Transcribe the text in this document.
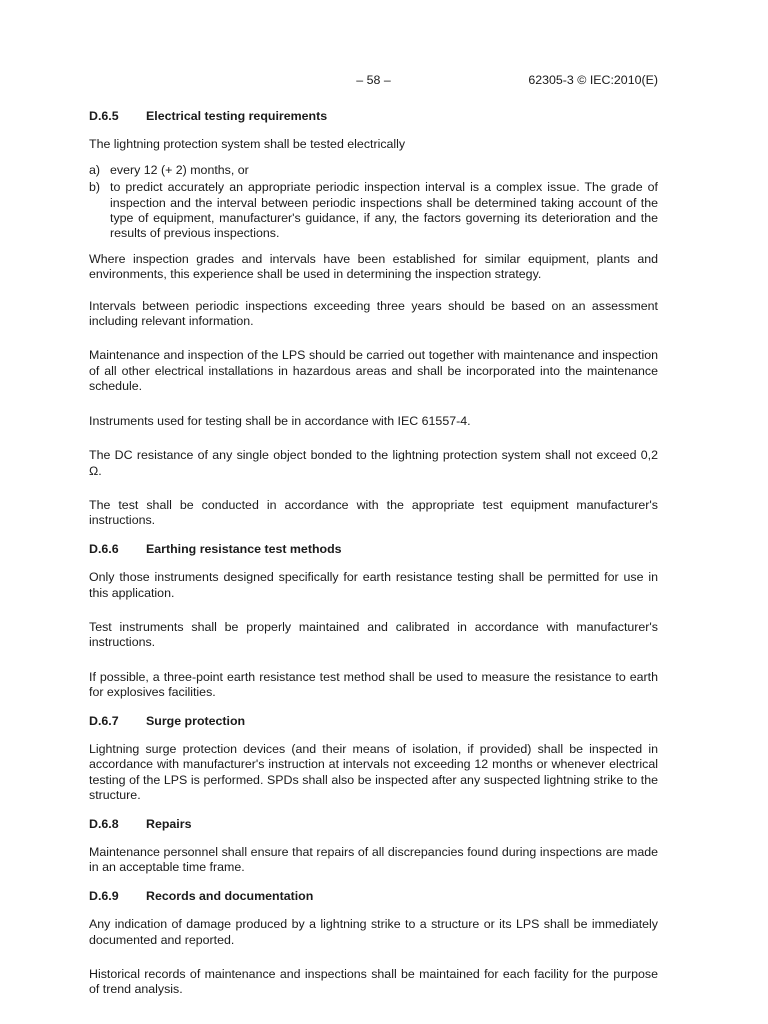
– 58 –	62305-3 © IEC:2010(E)
D.6.5	Electrical testing requirements

The lightning protection system shall be tested electrically

a) every 12 (+ 2) months, or
b) to predict accurately an appropriate periodic inspection interval is a complex issue. The grade of inspection and the interval between periodic inspections shall be determined taking account of the type of equipment, manufacturer's guidance, if any, the factors governing its deterioration and the results of previous inspections.

Where inspection grades and intervals have been established for similar equipment, plants and environments, this experience shall be used in determining the inspection strategy.

Intervals between periodic inspections exceeding three years should be based on an assessment including relevant information.

Maintenance and inspection of the LPS should be carried out together with maintenance and inspection of all other electrical installations in hazardous areas and shall be incorporated into the maintenance schedule.

Instruments used for testing shall be in accordance with IEC 61557-4.

The DC resistance of any single object bonded to the lightning protection system shall not exceed 0,2 Ω.

The test shall be conducted in accordance with the appropriate test equipment manufacturer's instructions.

D.6.6	Earthing resistance test methods

Only those instruments designed specifically for earth resistance testing shall be permitted for use in this application.

Test instruments shall be properly maintained and calibrated in accordance with manufacturer's instructions.

If possible, a three-point earth resistance test method shall be used to measure the resistance to earth for explosives facilities.

D.6.7	Surge protection

Lightning surge protection devices (and their means of isolation, if provided) shall be inspected in accordance with manufacturer's instruction at intervals not exceeding 12 months or whenever electrical testing of the LPS is performed. SPDs shall also be inspected after any suspected lightning strike to the structure.

D.6.8	Repairs

Maintenance personnel shall ensure that repairs of all discrepancies found during inspections are made in an acceptable time frame.

D.6.9	Records and documentation

Any indication of damage produced by a lightning strike to a structure or its LPS shall be immediately documented and reported.

Historical records of maintenance and inspections shall be maintained for each facility for the purpose of trend analysis.
